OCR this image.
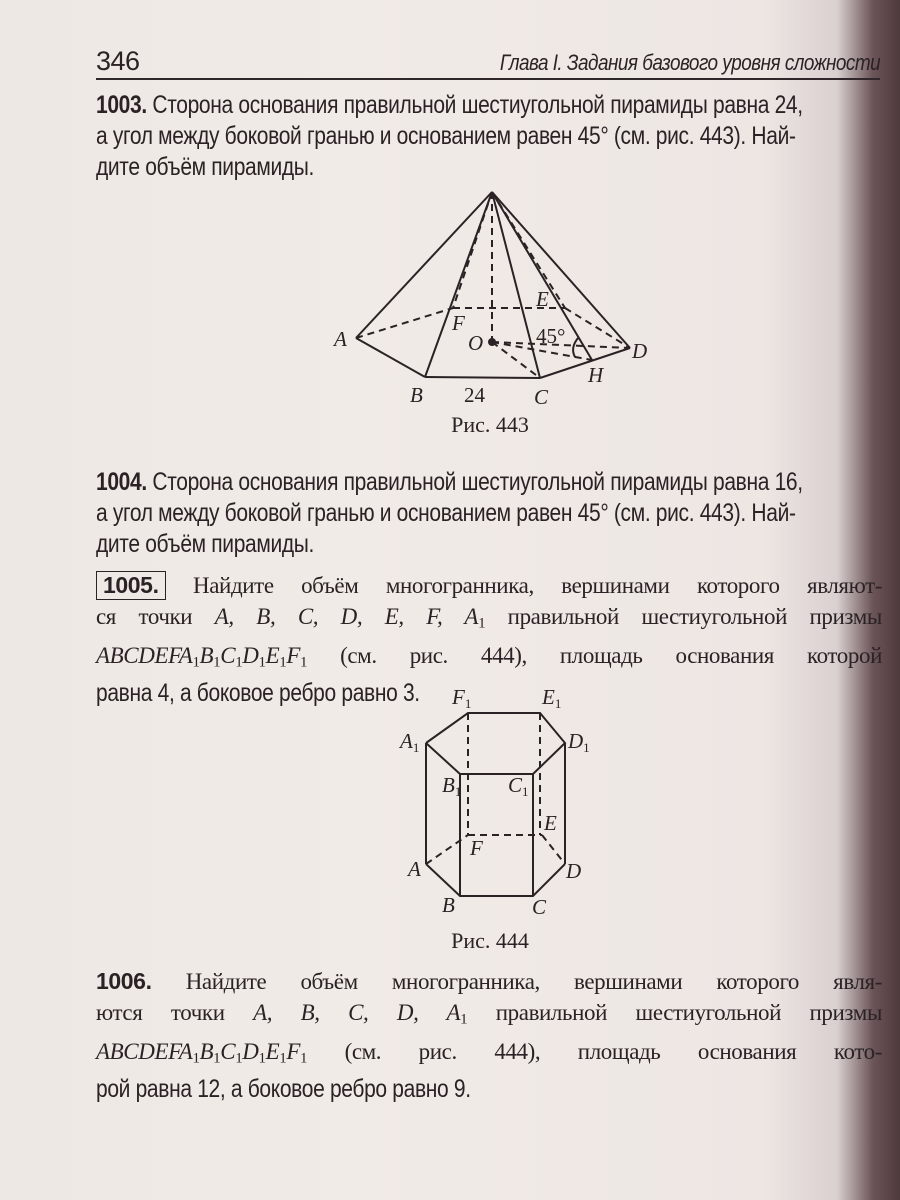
346	Глава I. Задания базового уровня сложности
1003. Сторона основания правильной шестиугольной пирамиды равна 24,
а угол между боковой гранью и основанием равен 45° (см. рис. 443). Най-
дите объём пирамиды.
A
B	C
D
E
F
O
H
24
45°
Рис. 443
1004. Сторона основания правильной шестиугольной пирамиды равна 16,
а угол между боковой гранью и основанием равен 45° (см. рис. 443). Най-
дите объём пирамиды.
1005. Найдите объём многогранника, вершинами которого являют-
ся точки A, B, C, D, E, F, $A_1$ правильной шестиугольной призмы
$ABCDEFA_1B_1C_1D_1E_1F_1$ (см. рис. 444), площадь основания которой
равна 4, а боковое ребро равно 3.	F1	E1
A1	D1
B1 C1
E
F
A	D
B	C
Рис. 444
1006. Найдите объём многогранника, вершинами которого явля-
ются точки A, B, C, D, $A_1$ правильной шестиугольной призмы
$ABCDEFA_1B_1C_1D_1E_1F_1$ (см. рис. 444), площадь основания кото-
рой равна 12, а боковое ребро равно 9.
